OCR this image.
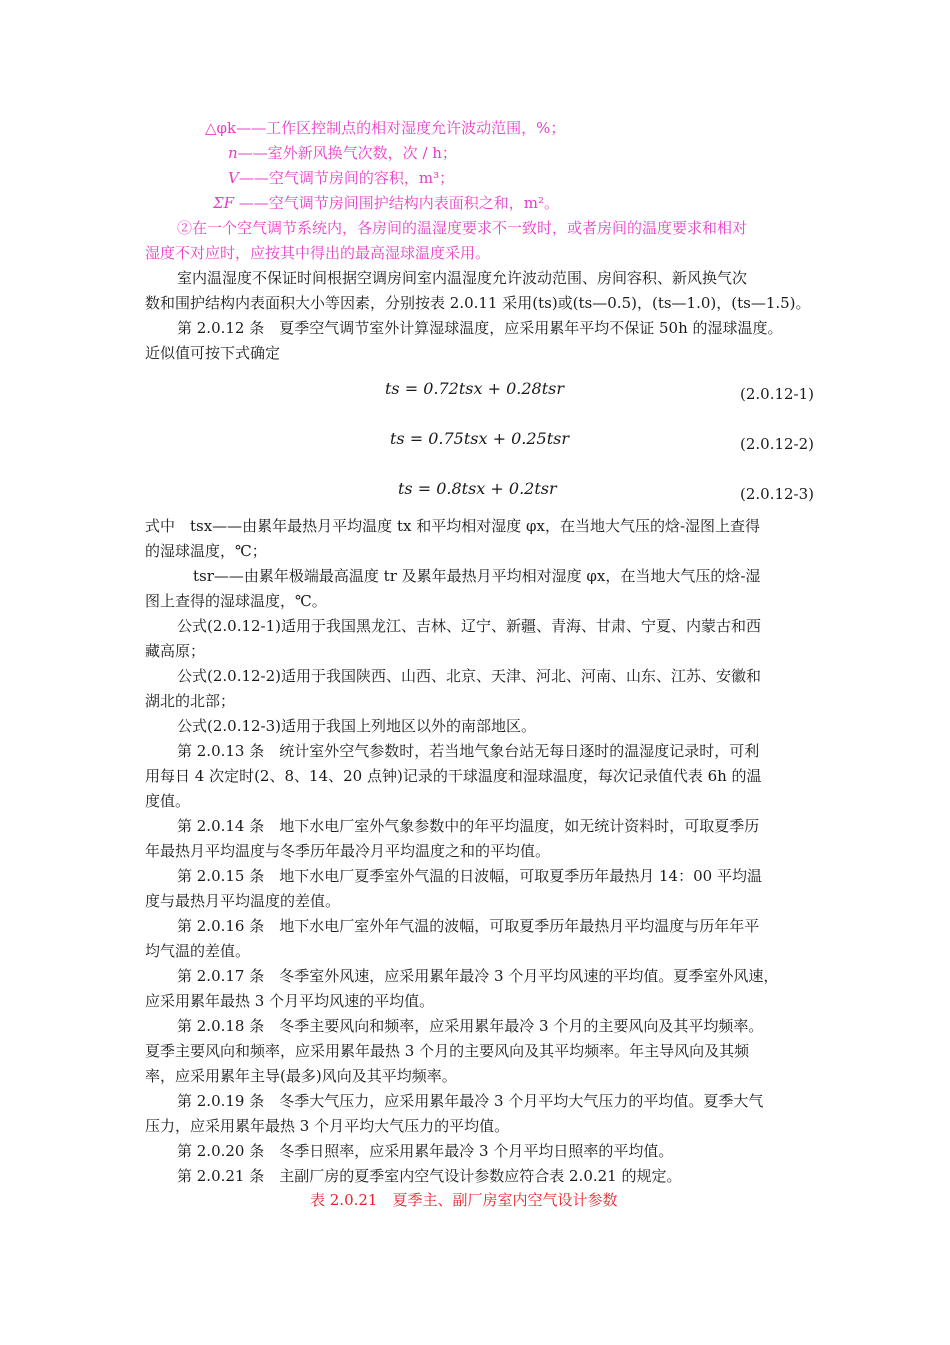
△φk——工作区控制点的相对湿度允许波动范围，%；
n——室外新风换气次数，次 / h；
V——空气调节房间的容积，m³；
ΣF ——空气调节房间围护结构内表面积之和，m²。
②在一个空气调节系统内，各房间的温湿度要求不一致时，或者房间的温度要求和相对
湿度不对应时，应按其中得出的最高湿球温度采用。
室内温湿度不保证时间根据空调房间室内温湿度允许波动范围、房间容积、新风换气次
数和围护结构内表面积大小等因素，分别按表 2.0.11 采用(ts)或(ts—0.5)，(ts—1.0)，(ts—1.5)。
第 2.0.12 条　夏季空气调节室外计算湿球温度，应采用累年平均不保证 50h 的湿球温度。
近似值可按下式确定
ts = 0.72tsx + 0.28tsr	(2.0.12-1)
ts = 0.75tsx + 0.25tsr	(2.0.12-2)
ts = 0.8tsx + 0.2tsr	(2.0.12-3)
式中　tsx——由累年最热月平均温度 tx 和平均相对湿度 φx，在当地大气压的焓-湿图上查得
的湿球温度，℃；
tsr——由累年极端最高温度 tr 及累年最热月平均相对湿度 φx，在当地大气压的焓-湿
图上查得的湿球温度，℃。
公式(2.0.12-1)适用于我国黑龙江、吉林、辽宁、新疆、青海、甘肃、宁夏、内蒙古和西
藏高原；
公式(2.0.12-2)适用于我国陕西、山西、北京、天津、河北、河南、山东、江苏、安徽和
湖北的北部；
公式(2.0.12-3)适用于我国上列地区以外的南部地区。
第 2.0.13 条　统计室外空气参数时，若当地气象台站无每日逐时的温湿度记录时，可利
用每日 4 次定时(2、8、14、20 点钟)记录的干球温度和湿球温度，每次记录值代表 6h 的温
度值。
第 2.0.14 条　地下水电厂室外气象参数中的年平均温度，如无统计资料时，可取夏季历
年最热月平均温度与冬季历年最冷月平均温度之和的平均值。
第 2.0.15 条　地下水电厂夏季室外气温的日波幅，可取夏季历年最热月 14：00 平均温
度与最热月平均温度的差值。
第 2.0.16 条　地下水电厂室外年气温的波幅，可取夏季历年最热月平均温度与历年年平
均气温的差值。
第 2.0.17 条　冬季室外风速，应采用累年最冷 3 个月平均风速的平均值。夏季室外风速，
应采用累年最热 3 个月平均风速的平均值。
第 2.0.18 条　冬季主要风向和频率，应采用累年最冷 3 个月的主要风向及其平均频率。
夏季主要风向和频率，应采用累年最热 3 个月的主要风向及其平均频率。年主导风向及其频
率，应采用累年主导(最多)风向及其平均频率。
第 2.0.19 条　冬季大气压力，应采用累年最冷 3 个月平均大气压力的平均值。夏季大气
压力，应采用累年最热 3 个月平均大气压力的平均值。
第 2.0.20 条　冬季日照率，应采用累年最冷 3 个月平均日照率的平均值。
第 2.0.21 条　主副厂房的夏季室内空气设计参数应符合表 2.0.21 的规定。
表 2.0.21　夏季主、副厂房室内空气设计参数
